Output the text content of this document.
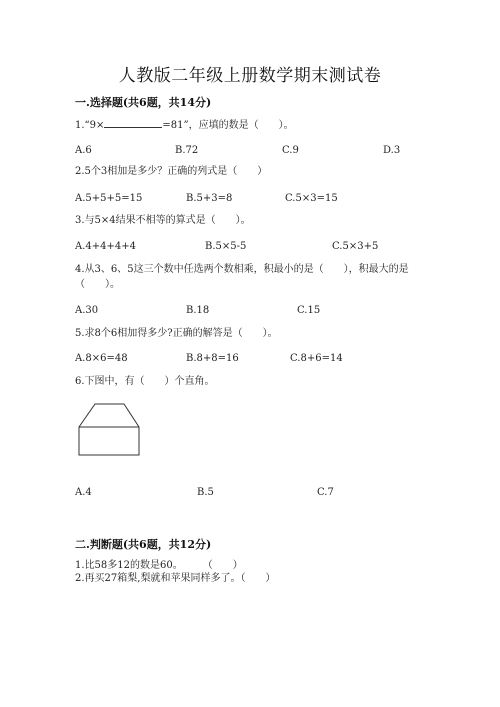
人教版二年级上册数学期末测试卷
一.选择题(共6题，共14分)
1.“9×	=81”，应填的数是（　　）。
A.6	B.72	C.9	D.3
2.5个3相加是多少？正确的列式是（　　）
A.5+5+5=15	B.5+3=8	C.5×3=15
3.与5×4结果不相等的算式是（　　）。
A.4+4+4+4	B.5×5-5	C.5×3+5
4.从3、6、5这三个数中任选两个数相乘，积最小的是（　　），积最大的是（　　）。
A.30	B.18	C.15
5.求8个6相加得多少?正确的解答是（　　）。
A.8×6=48	B.8+8=16	C.8+6=14
6.下图中，有（　　）个直角。
A.4	B.5	C.7
二.判断题(共6题，共12分)
1.比58多12的数是60。　　　（　　）
2.再买27箱梨,梨就和苹果同样多了。（　　）
